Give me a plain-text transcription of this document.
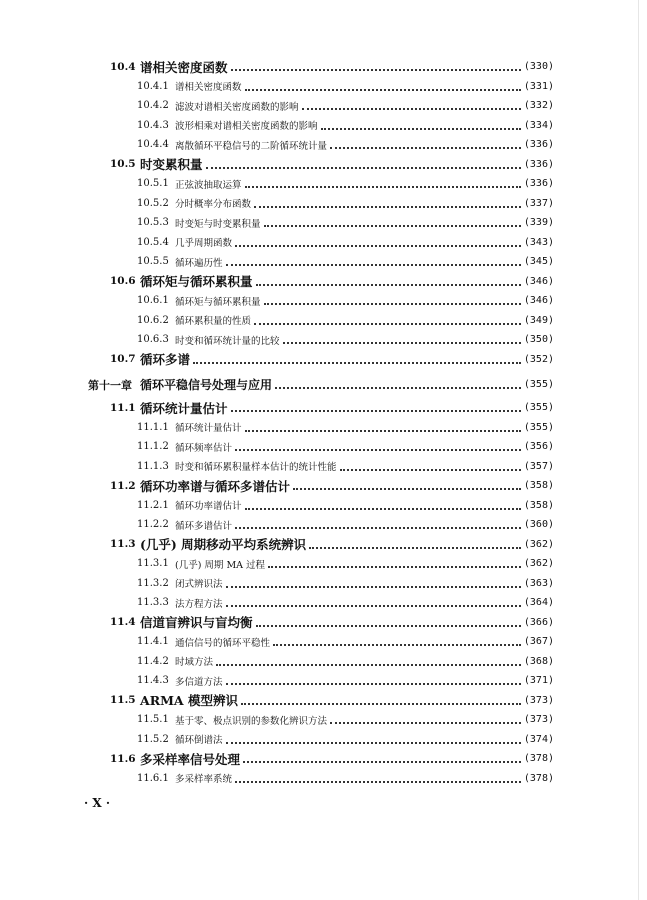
10.4 谱相关密度函数	(330)
10.4.1 谱相关密度函数	(331)
10.4.2 滤波对谱相关密度函数的影响	(332)
10.4.3 波形相乘对谱相关密度函数的影响	(334)
10.4.4 离散循环平稳信号的二阶循环统计量	(336)
10.5 时变累积量	(336)
10.5.1 正弦波抽取运算	(336)
10.5.2 分时概率分布函数	(337)
10.5.3 时变矩与时变累积量	(339)
10.5.4 几乎周期函数	(343)
10.5.5 循环遍历性	(345)
10.6 循环矩与循环累积量	(346)
10.6.1 循环矩与循环累积量	(346)
10.6.2 循环累积量的性质	(349)
10.6.3 时变和循环统计量的比较	(350)
10.7 循环多谱	(352)
第十一章 循环平稳信号处理与应用	(355)
11.1 循环统计量估计	(355)
11.1.1 循环统计量估计	(355)
11.1.2 循环频率估计	(356)
11.1.3 时变和循环累积量样本估计的统计性能	(357)
11.2 循环功率谱与循环多谱估计	(358)
11.2.1 循环功率谱估计	(358)
11.2.2 循环多谱估计	(360)
11.3 (几乎) 周期移动平均系统辨识	(362)
11.3.1 (几乎) 周期 MA 过程	(362)
11.3.2 闭式辨识法	(363)
11.3.3 法方程方法	(364)
11.4 信道盲辨识与盲均衡	(366)
11.4.1 通信信号的循环平稳性	(367)
11.4.2 时域方法	(368)
11.4.3 多信道方法	(371)
11.5 ARMA 模型辨识	(373)
11.5.1 基于零、极点识别的参数化辨识方法	(373)
11.5.2 循环倒谱法	(374)
11.6 多采样率信号处理	(378)
11.6.1 多采样率系统	(378)
· X ·
